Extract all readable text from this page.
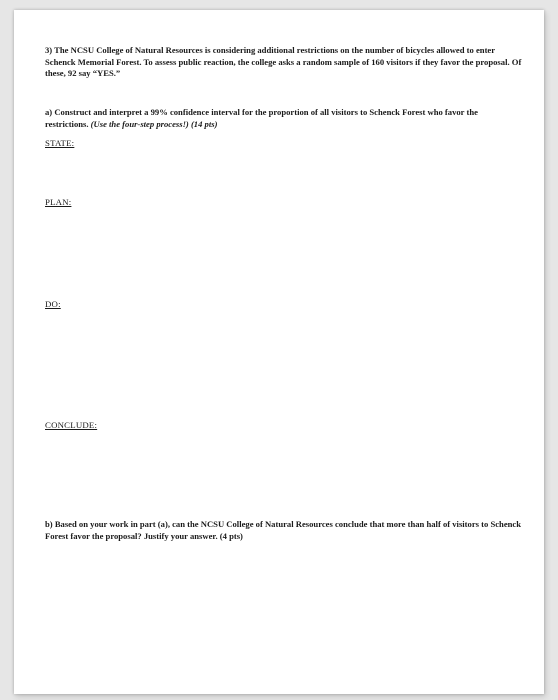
3) The NCSU College of Natural Resources is considering additional restrictions on the number of bicycles allowed to enter Schenck Memorial Forest. To assess public reaction, the college asks a random sample of 160 visitors if they favor the proposal. Of these, 92 say “YES.”

a) Construct and interpret a 99% confidence interval for the proportion of all visitors to Schenck Forest who favor the restrictions. (Use the four-step process!) (14 pts)

STATE:
PLAN:
DO:
CONCLUDE:

b) Based on your work in part (a), can the NCSU College of Natural Resources conclude that more than half of visitors to Schenck Forest favor the proposal? Justify your answer. (4 pts)
